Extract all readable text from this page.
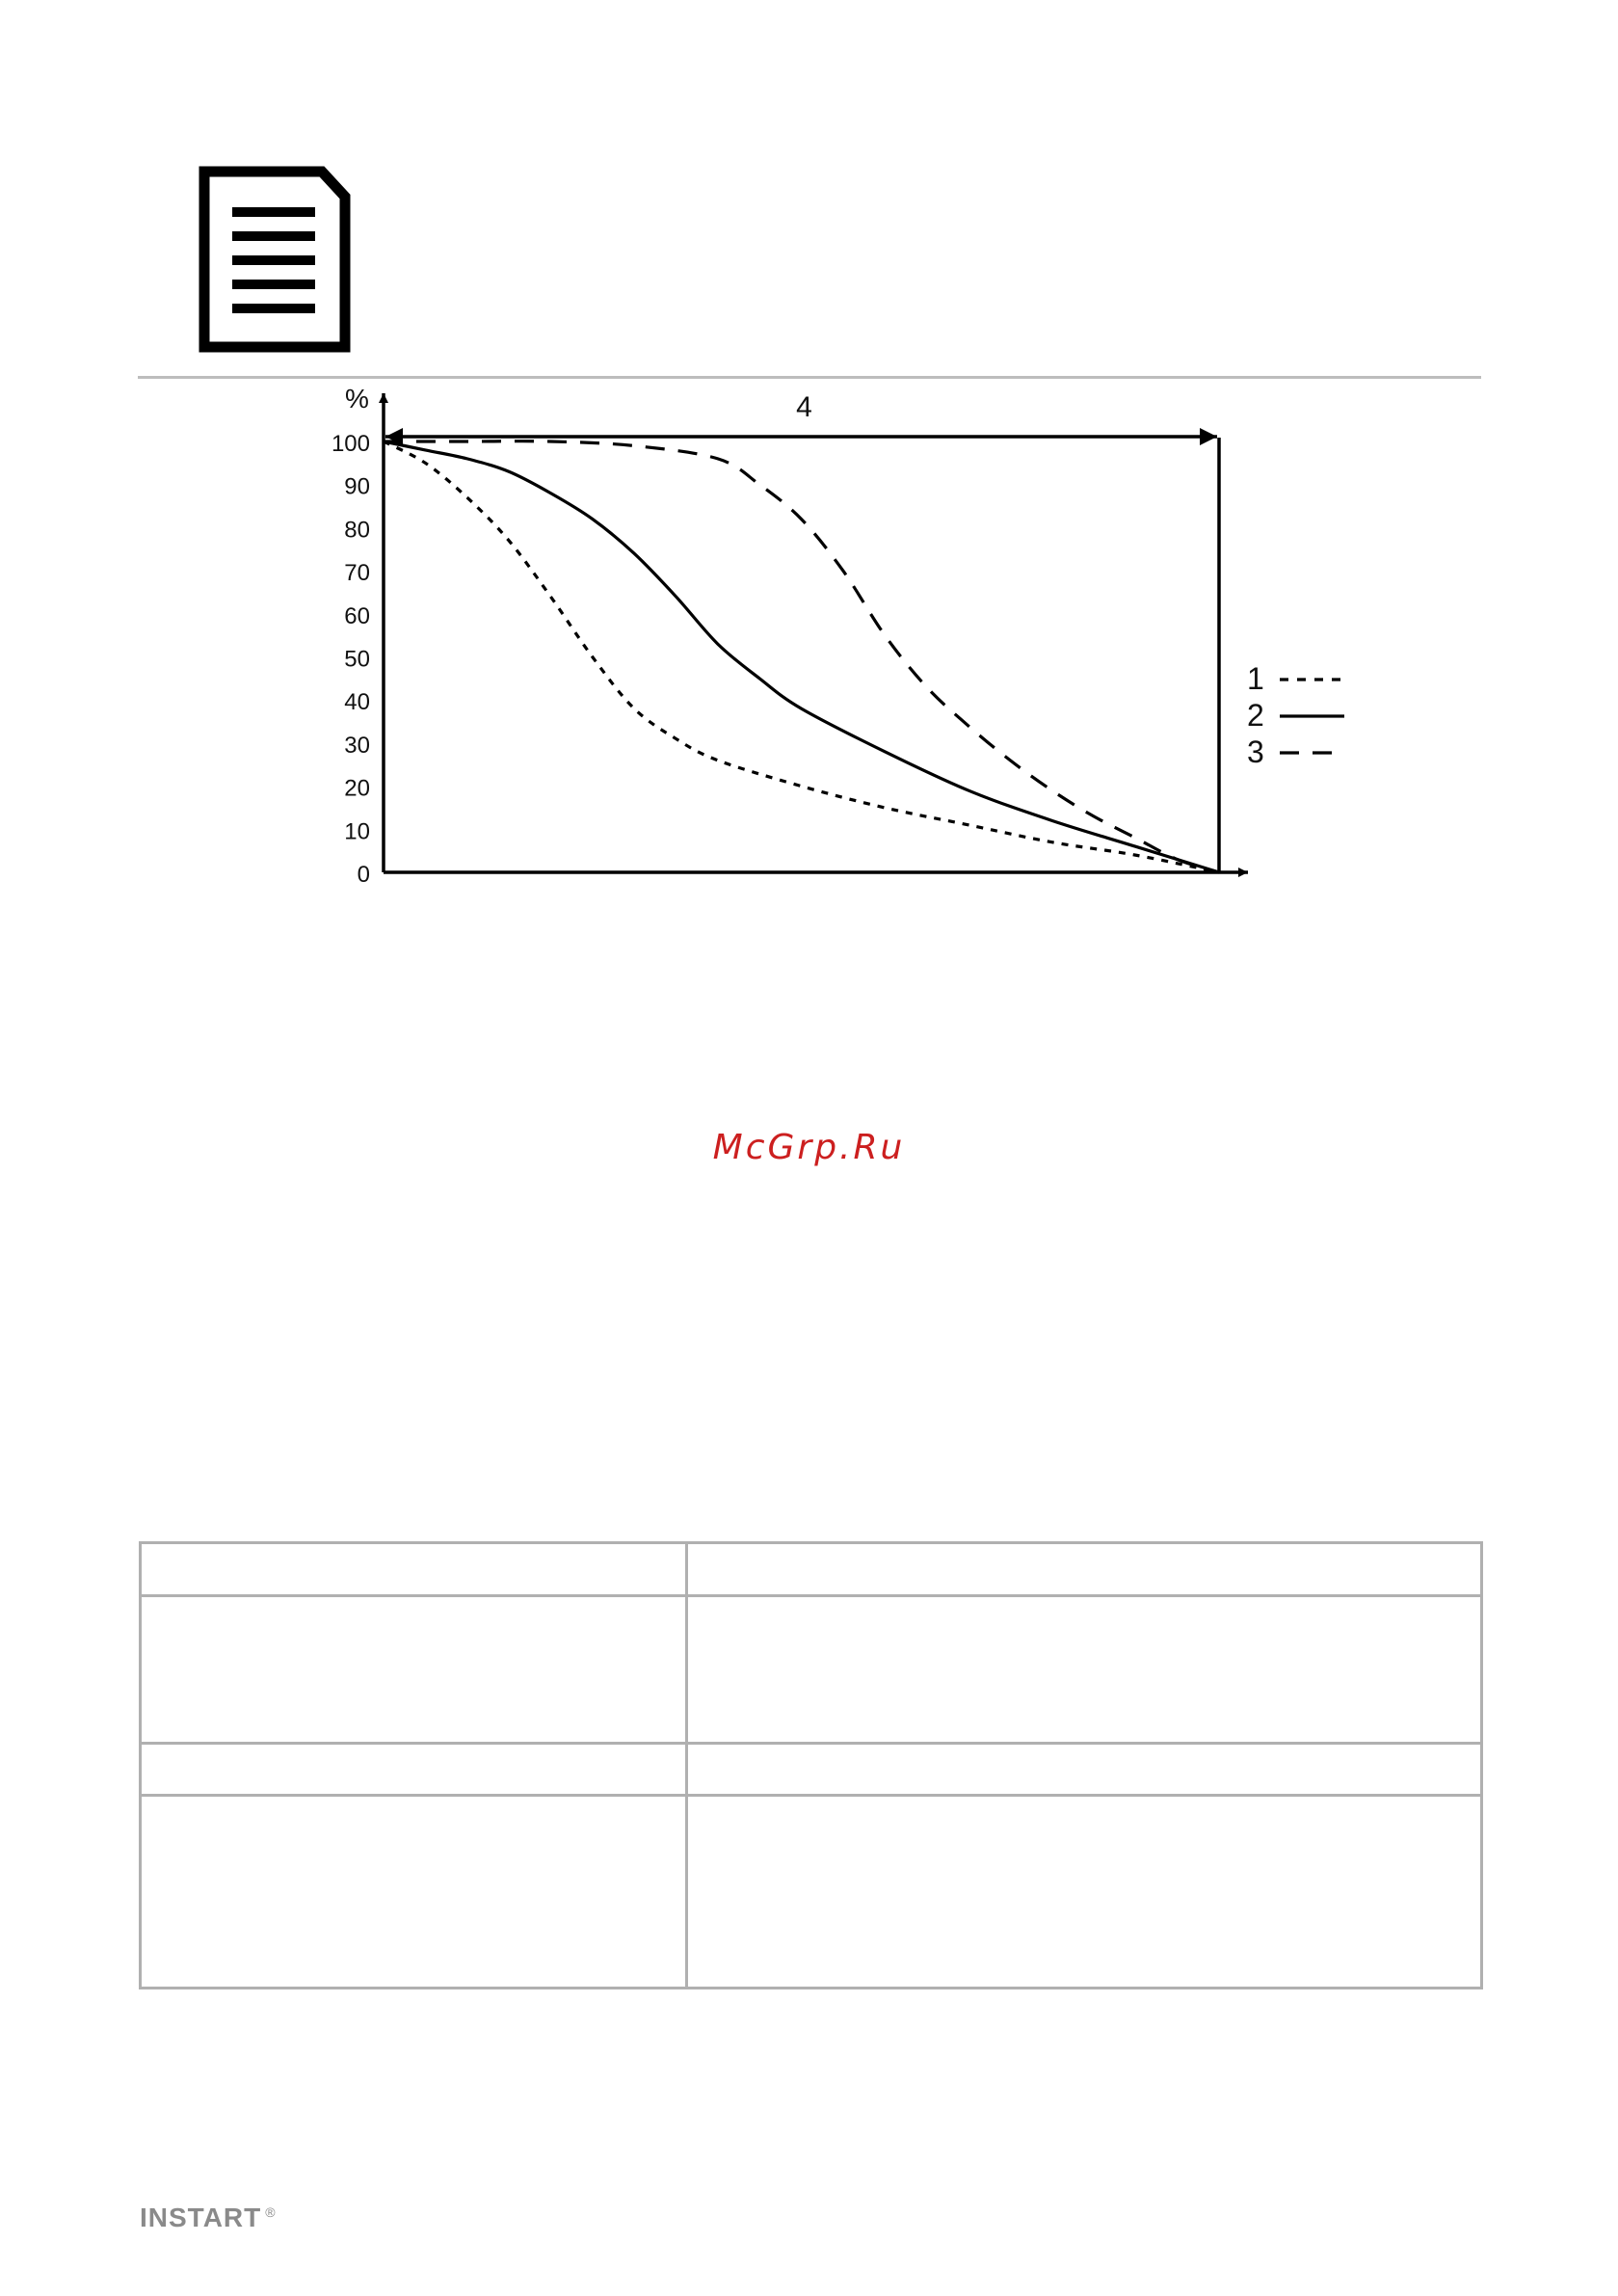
4
%
0
10
20
30
40
50
60
70
80
90
100
1
2
3
McGrp.Ru

INSTART ®
